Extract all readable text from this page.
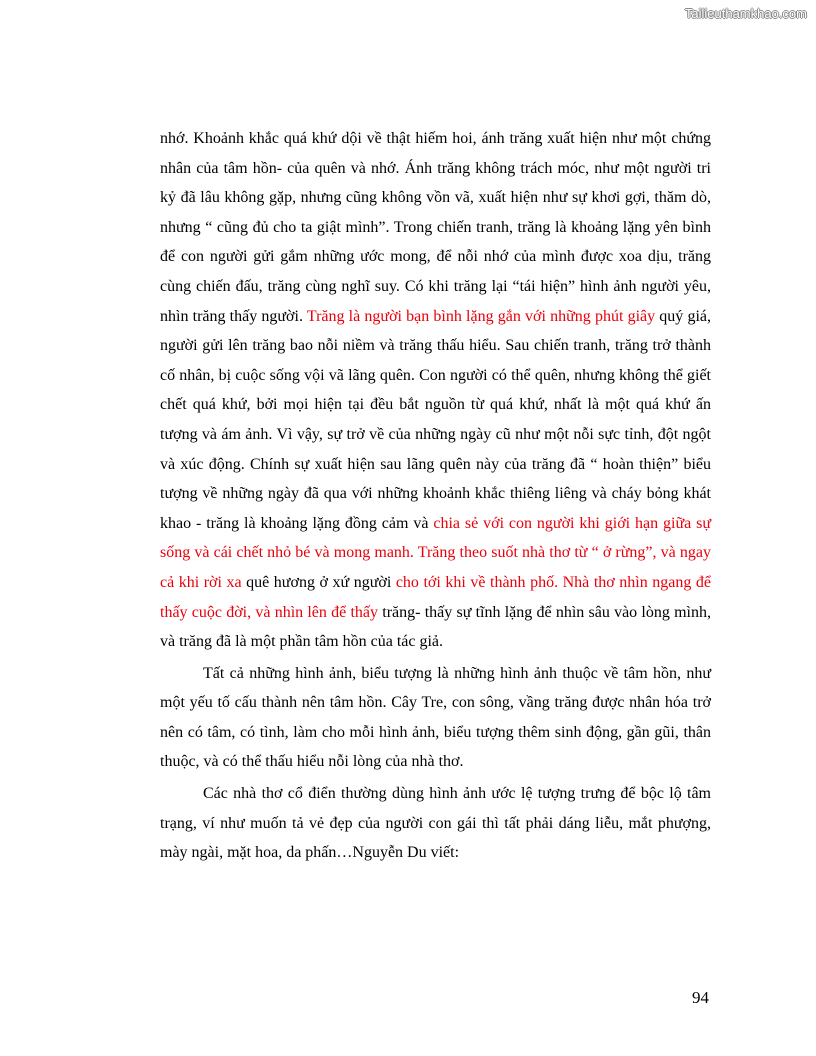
Tailieuthamkhao.com

nhớ. Khoảnh khắc quá khứ dội về thật hiếm hoi, ánh trăng xuất hiện như một chứng nhân của tâm hồn- của quên và nhớ. Ánh trăng không trách móc, như một người tri kỷ đã lâu không gặp, nhưng cũng không vồn vã, xuất hiện như sự khơi gợi, thăm dò, nhưng “ cũng đủ cho ta giật mình”. Trong chiến tranh, trăng là khoảng lặng yên bình để con người gửi gắm những ước mong, để nỗi nhớ của mình được xoa dịu, trăng cùng chiến đấu, trăng cùng nghĩ suy. Có khi trăng lại “tái hiện” hình ảnh người yêu, nhìn trăng thấy người. Trăng là người bạn bình lặng gắn với những phút giây quý giá, người gửi lên trăng bao nỗi niềm và trăng thấu hiểu. Sau chiến tranh, trăng trở thành cố nhân, bị cuộc sống vội vã lãng quên. Con người có thể quên, nhưng không thể giết chết quá khứ, bởi mọi hiện tại đều bắt nguồn từ quá khứ, nhất là một quá khứ ấn tượng và ám ảnh. Vì vậy, sự trở về của những ngày cũ như một nỗi sực tỉnh, đột ngột và xúc động. Chính sự xuất hiện sau lãng quên này của trăng đã “ hoàn thiện” biểu tượng về những ngày đã qua với những khoảnh khắc thiêng liêng và cháy bỏng khát khao - trăng là khoảng lặng đồng cảm và chia sẻ với con người khi giới hạn giữa sự sống và cái chết nhỏ bé và mong manh. Trăng theo suốt nhà thơ từ “ ở rừng”, và ngay cả khi rời xa quê hương ở xứ người cho tới khi về thành phố. Nhà thơ nhìn ngang để thấy cuộc đời, và nhìn lên để thấy trăng- thấy sự tĩnh lặng để nhìn sâu vào lòng mình, và trăng đã là một phần tâm hồn của tác giả.

Tất cả những hình ảnh, biểu tượng là những hình ảnh thuộc về tâm hồn, như một yếu tố cấu thành nên tâm hồn. Cây Tre, con sông, vầng trăng được nhân hóa trở nên có tâm, có tình, làm cho mỗi hình ảnh, biểu tượng thêm sinh động, gần gũi, thân thuộc, và có thể thấu hiểu nỗi lòng của nhà thơ.

Các nhà thơ cổ điển thường dùng hình ảnh ước lệ tượng trưng để bộc lộ tâm trạng, ví như muốn tả vẻ đẹp của người con gái thì tất phải dáng liễu, mắt phượng, mày ngài, mặt hoa, da phấn…Nguyễn Du viết:

94
